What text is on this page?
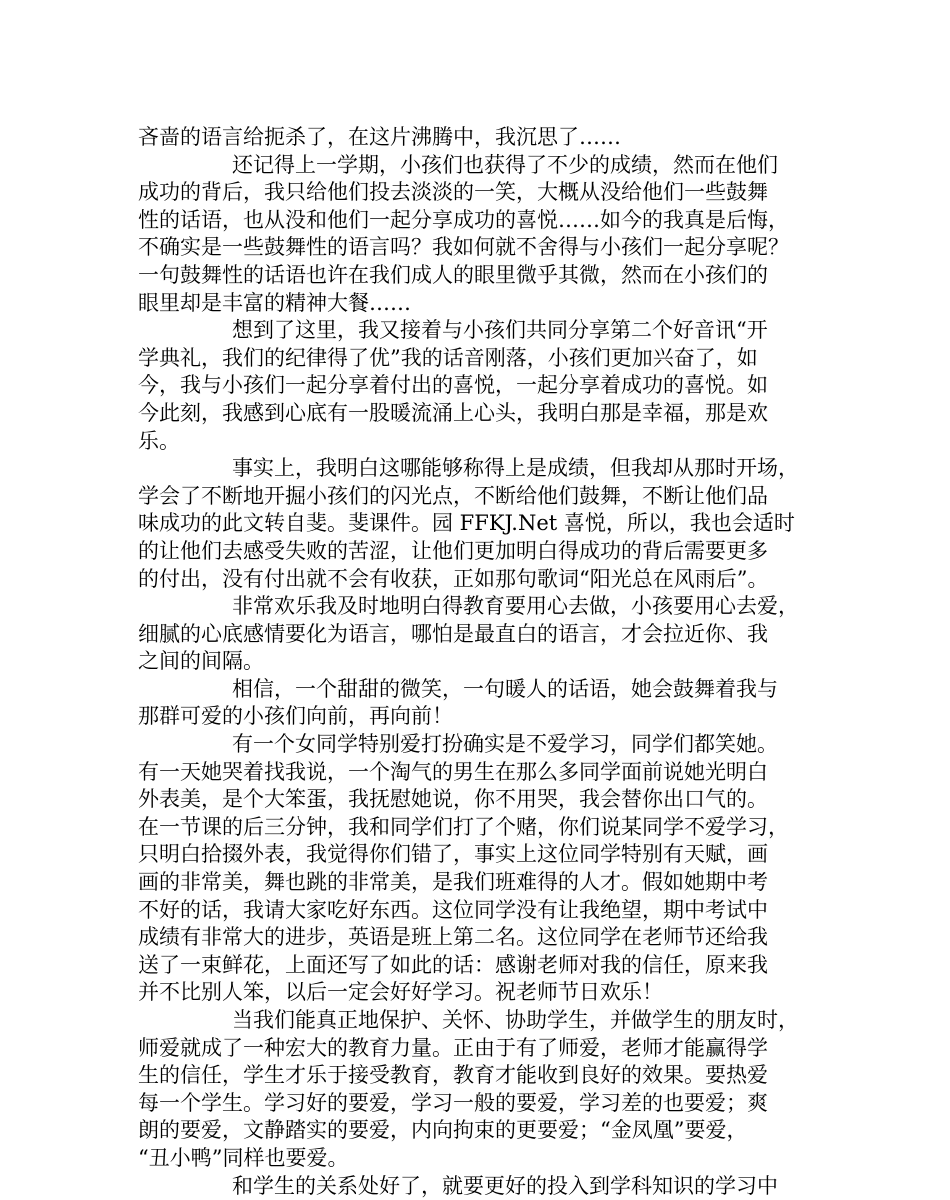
吝啬的语言给扼杀了，在这片沸腾中，我沉思了……
还记得上一学期，小孩们也获得了不少的成绩，然而在他们
成功的背后，我只给他们投去淡淡的一笑，大概从没给他们一些鼓舞
性的话语，也从没和他们一起分享成功的喜悦……如今的我真是后悔，
不确实是一些鼓舞性的语言吗？我如何就不舍得与小孩们一起分享呢？
一句鼓舞性的话语也许在我们成人的眼里微乎其微，然而在小孩们的
眼里却是丰富的精神大餐……
想到了这里，我又接着与小孩们共同分享第二个好音讯“开
学典礼，我们的纪律得了优”我的话音刚落，小孩们更加兴奋了，如
今，我与小孩们一起分享着付出的喜悦，一起分享着成功的喜悦。如
今此刻，我感到心底有一股暖流涌上心头，我明白那是幸福，那是欢
乐。
事实上，我明白这哪能够称得上是成绩，但我却从那时开场，
学会了不断地开掘小孩们的闪光点，不断给他们鼓舞，不断让他们品
味成功的此文转自斐。斐课件。园 FFKJ.Net 喜悦，所以，我也会适时
的让他们去感受失败的苦涩，让他们更加明白得成功的背后需要更多
的付出，没有付出就不会有收获，正如那句歌词“阳光总在风雨后”。
非常欢乐我及时地明白得教育要用心去做，小孩要用心去爱，
细腻的心底感情要化为语言，哪怕是最直白的语言，才会拉近你、我
之间的间隔。
相信，一个甜甜的微笑，一句暖人的话语，她会鼓舞着我与
那群可爱的小孩们向前，再向前！
有一个女同学特别爱打扮确实是不爱学习，同学们都笑她。
有一天她哭着找我说，一个淘气的男生在那么多同学面前说她光明白
外表美，是个大笨蛋，我抚慰她说，你不用哭，我会替你出口气的。
在一节课的后三分钟，我和同学们打了个赌，你们说某同学不爱学习，
只明白拾掇外表，我觉得你们错了，事实上这位同学特别有天赋，画
画的非常美，舞也跳的非常美，是我们班难得的人才。假如她期中考
不好的话，我请大家吃好东西。这位同学没有让我绝望，期中考试中
成绩有非常大的进步，英语是班上第二名。这位同学在老师节还给我
送了一束鲜花，上面还写了如此的话：感谢老师对我的信任，原来我
并不比别人笨，以后一定会好好学习。祝老师节日欢乐！
当我们能真正地保护、关怀、协助学生，并做学生的朋友时，
师爱就成了一种宏大的教育力量。正由于有了师爱，老师才能赢得学
生的信任，学生才乐于接受教育，教育才能收到良好的效果。要热爱
每一个学生。学习好的要爱，学习一般的要爱，学习差的也要爱；爽
朗的要爱，文静踏实的要爱，内向拘束的更要爱；“金凤凰”要爱，
“丑小鸭”同样也要爱。
和学生的关系处好了，就要更好的投入到学科知识的学习中
